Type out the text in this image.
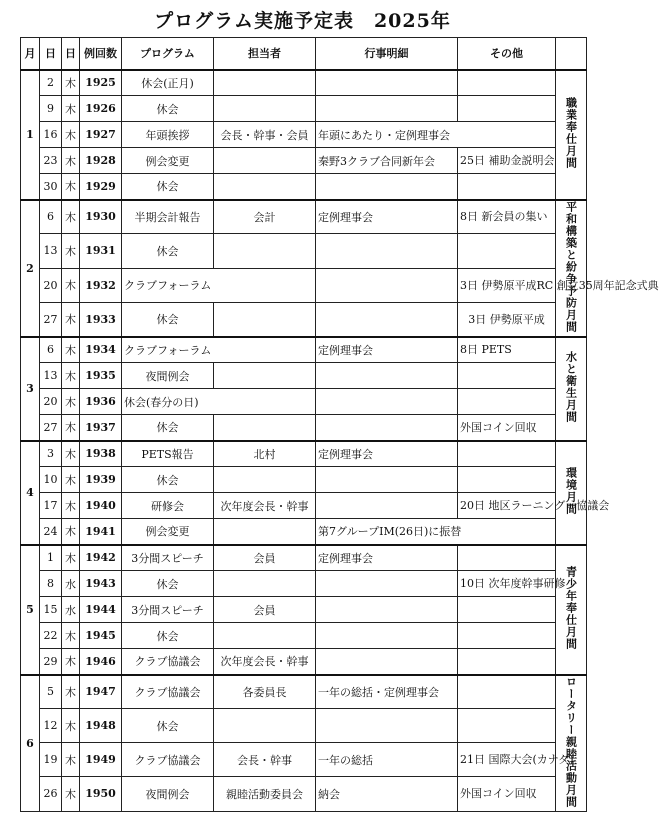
プログラム実施予定表　2025年
月	日	日	例回数	プログラム	担当者	行事明細	その他	
1	2	木	1925	休会(正月)				職業奉仕月間
	9	木	1926	休会				
	16	木	1927	年頭挨拶	会長・幹事・会員	年頭にあたり・定例理事会		
	23	木	1928	例会変更		秦野3クラブ合同新年会	25日 補助金説明会	
	30	木	1929	休会				
2	6	木	1930	半期会計報告	会計	定例理事会	8日 新会員の集い	平和構築と紛争予防月間
	13	木	1931	休会				
	20	木	1932	クラブフォーラム			3日 伊勢原平成RC 創立35周年記念式典	
	27	木	1933	休会			3日 伊勢原平成	
3	6	木	1934	クラブフォーラム		定例理事会	8日 PETS	水と衛生月間
	13	木	1935	夜間例会				
	20	木	1936	休会(春分の日)				
	27	木	1937	休会			外国コイン回収	
4	3	木	1938	PETS報告	北村	定例理事会		環境月間
	10	木	1939	休会				
	17	木	1940	研修会	次年度会長・幹事		20日 地区ラーニング・協議会	
	24	木	1941	例会変更		第7グループIM(26日)に振替		
5	1	木	1942	3分間スピーチ	会員	定例理事会		青少年奉仕月間
	8	水	1943	休会			10日 次年度幹事研修	
	15	水	1944	3分間スピーチ	会員			
	22	木	1945	休会				
	29	木	1946	クラブ協議会	次年度会長・幹事			
6	5	木	1947	クラブ協議会	各委員長	一年の総括・定例理事会		ロータリー親睦活動月間
	12	木	1948	休会				
	19	木	1949	クラブ協議会	会長・幹事	一年の総括	21日 国際大会(カナダ)	
	26	木	1950	夜間例会	親睦活動委員会	納会	外国コイン回収	
